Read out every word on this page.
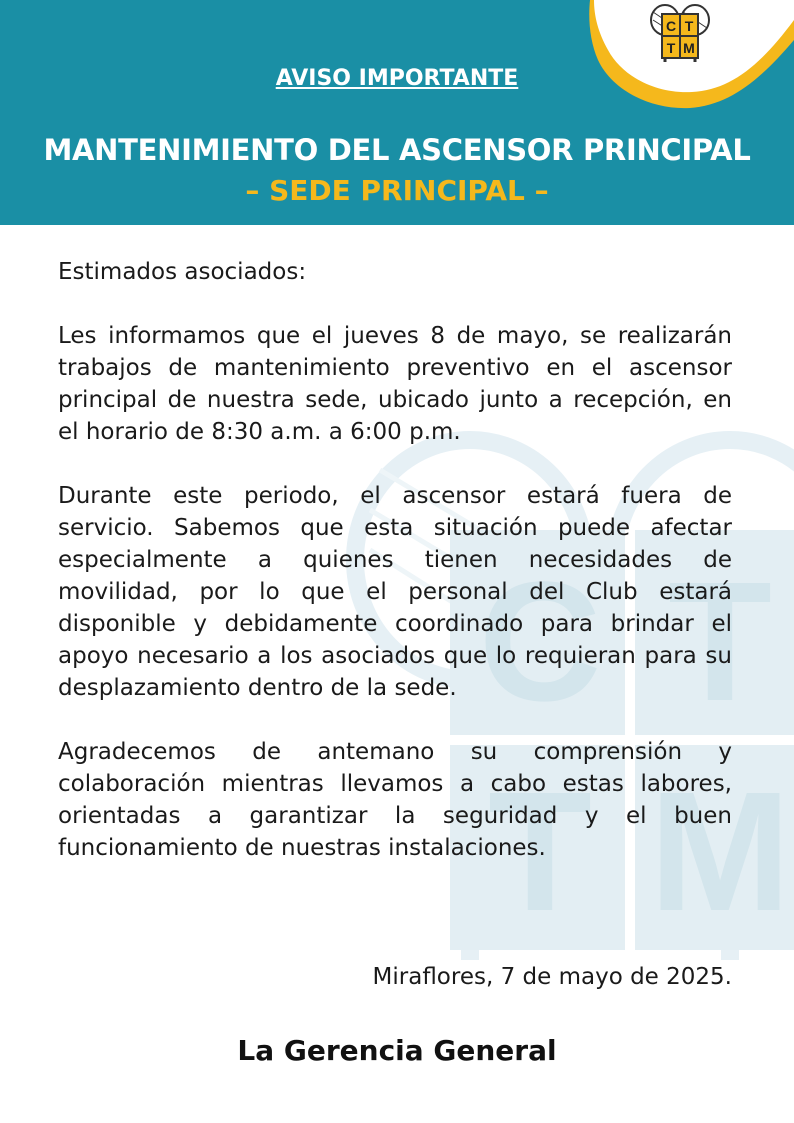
C T
T M
AVISO IMPORTANTE
MANTENIMIENTO DEL ASCENSOR PRINCIPAL
– SEDE PRINCIPAL –
C T
T M

Estimados asociados:

Les informamos que el jueves 8 de mayo, se realizarán trabajos de mantenimiento preventivo en el ascensor principal de nuestra sede, ubicado junto a recepción, en el horario de 8:30 a.m. a 6:00 p.m.

Durante este periodo, el ascensor estará fuera de servicio. Sabemos que esta situación puede afectar especialmente a quienes tienen necesidades de movilidad, por lo que el personal del Club estará disponible y debidamente coordinado para brindar el apoyo necesario a los asociados que lo requieran para su desplazamiento dentro de la sede.

Agradecemos de antemano su comprensión y colaboración mientras llevamos a cabo estas labores, orientadas a garantizar la seguridad y el buen funcionamiento de nuestras instalaciones.

Miraflores, 7 de mayo de 2025.
La Gerencia General
